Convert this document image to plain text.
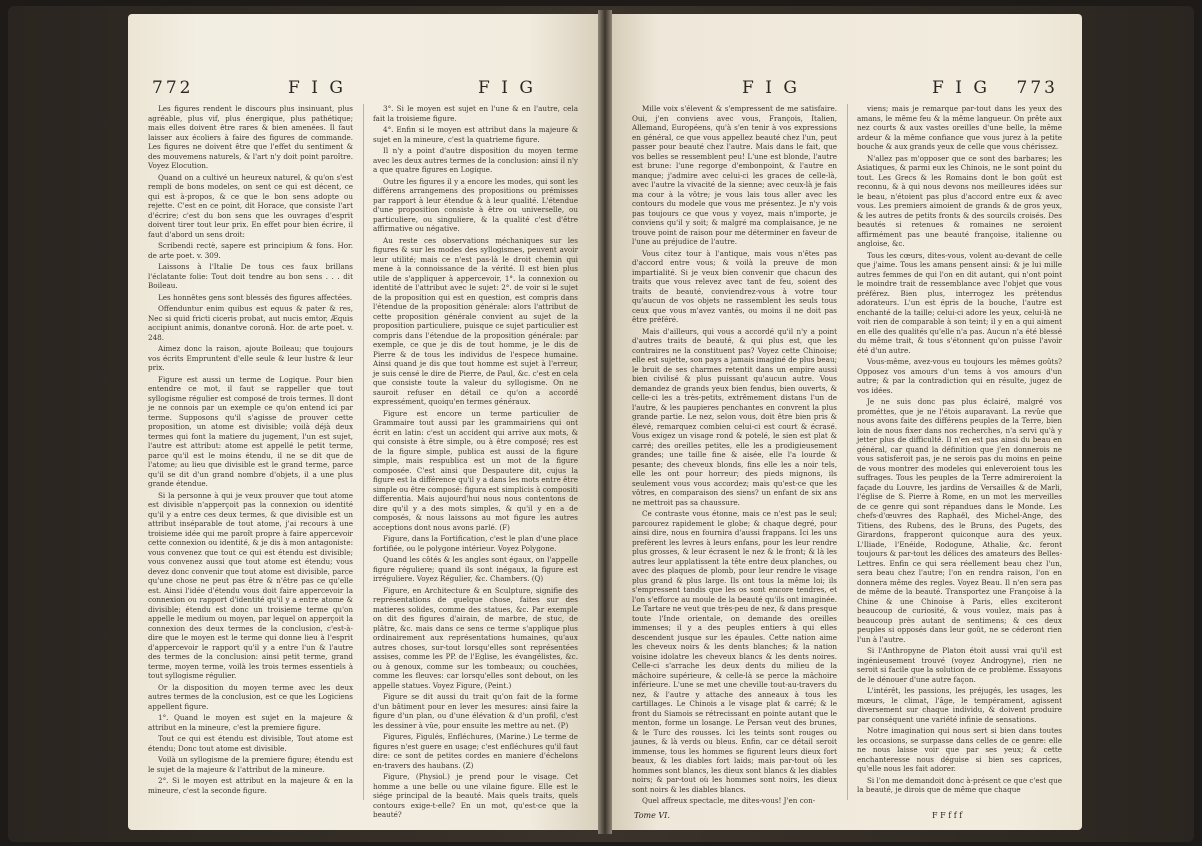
772	F I G	F I G

Les figures rendent le discours plus insinuant, plus agréable, plus vif, plus énergique, plus pathétique; mais elles doivent être rares & bien amenées. Il faut laisser aux écoliers à faire des figures de commande. Les figures ne doivent être que l'effet du sentiment & des mouvemens naturels, & l'art n'y doit point paroître. Voyez Elocution.

Quand on a cultivé un heureux naturel, & qu'on s'est rempli de bons modeles, on sent ce qui est décent, ce qui est à-propos, & ce que le bon sens adopte ou rejette. C'est en ce point, dit Horace, que consiste l'art d'écrire; c'est du bon sens que les ouvrages d'esprit doivent tirer tout leur prix. En effet pour bien écrire, il faut d'abord un sens droit:

Scribendi rectè, sapere est principium & fons. Hor. de arte poet. v. 309.

Laissons à l'Italie De tous ces faux brillans l'éclatante folie: Tout doit tendre au bon sens . . . dit Boileau.

Les honnêtes gens sont blessés des figures affectées.

Offenduntur enim quibus est equus & pater & res, Nec si quid fricti ciceris probat, aut nucis emtor, Æquis accipiunt animis, donantve coronâ. Hor. de arte poet. v. 248.

Aimez donc la raison, ajoute Boileau; que toujours vos écrits Empruntent d'elle seule & leur lustre & leur prix.

Figure est aussi un terme de Logique. Pour bien entendre ce mot, il faut se rappeller que tout syllogisme régulier est composé de trois termes. Il dont je ne connois par un exemple ce qu'on entend ici par terme. Supposons qu'il s'agisse de prouver cette proposition, un atome est divisible; voilà déjà deux termes qui font la matiere du jugement, l'un est sujet, l'autre est attribut: atome est appellé le petit terme, parce qu'il est le moins étendu, il ne se dit que de l'atome; au lieu que divisible est le grand terme, parce qu'il se dit d'un grand nombre d'objets, il a une plus grande étendue.

Si la personne à qui je veux prouver que tout atome est divisible n'apperçoit pas la connexion ou identité qu'il y a entre ces deux termes, & que divisible est un attribut inséparable de tout atome, j'ai recours à une troisieme idée qui me paroît propre à faire appercevoir cette connexion ou identité, & je dis à mon antagoniste: vous convenez que tout ce qui est étendu est divisible; vous convenez aussi que tout atome est étendu; vous devez donc convenir que tout atome est divisible, parce qu'une chose ne peut pas être & n'être pas ce qu'elle est. Ainsi l'idée d'étendu vous doit faire appercevoir la connexion ou rapport d'identité qu'il y a entre atome & divisible; étendu est donc un troisieme terme qu'on appelle le medium ou moyen, par lequel on apperçoit la connexion des deux termes de la conclusion, c'est-à-dire que le moyen est le terme qui donne lieu à l'esprit d'appercevoir le rapport qu'il y a entre l'un & l'autre des termes de la conclusion: ainsi petit terme, grand terme, moyen terme, voilà les trois termes essentiels à tout syllogisme régulier.

Or la disposition du moyen terme avec les deux autres termes de la conclusion, est ce que les Logiciens appellent figure.

1°. Quand le moyen est sujet en la majeure & attribut en la mineure, c'est la premiere figure.

Tout ce qui est étendu est divisible, Tout atome est étendu; Donc tout atome est divisible.

Voilà un syllogisme de la premiere figure; étendu est le sujet de la majeure & l'attribut de la mineure.

2°. Si le moyen est attribut en la majeure & en la mineure, c'est la seconde figure.

3°. Si le moyen est sujet en l'une & en l'autre, cela fait la troisieme figure.

4°. Enfin si le moyen est attribut dans la majeure & sujet en la mineure, c'est la quatrieme figure.

Il n'y a point d'autre disposition du moyen terme avec les deux autres termes de la conclusion: ainsi il n'y a que quatre figures en Logique.

Outre les figures il y a encore les modes, qui sont les différens arrangemens des propositions ou prémisses par rapport à leur étendue & à leur qualité. L'étendue d'une proposition consiste à être ou universelle, ou particuliere, ou singuliere, & la qualité c'est d'être affirmative ou négative.

Au reste ces observations méchaniques sur les figures & sur les modes des syllogismes, peuvent avoir leur utilité; mais ce n'est pas-là le droit chemin qui mene à la connoissance de la vérité. Il est bien plus utile de s'appliquer à appercevoir, 1°. la connexion ou identité de l'attribut avec le sujet: 2°. de voir si le sujet de la proposition qui est en question, est compris dans l'étendue de la proposition générale: alors l'attribut de cette proposition générale convient au sujet de la proposition particuliere, puisque ce sujet particulier est compris dans l'étendue de la proposition générale: par exemple, ce que je dis de tout homme, je le dis de Pierre & de tous les individus de l'espece humaine. Ainsi quand je dis que tout homme est sujet à l'erreur, je suis censé le dire de Pierre, de Paul, &c. c'est en cela que consiste toute la valeur du syllogisme. On ne sauroit refuser en détail ce qu'on a accordé expressément, quoiqu'en termes généraux.

Figure est encore un terme particulier de Grammaire tout aussi par les grammairiens qui ont écrit en latin: c'est un accident qui arrive aux mots, & qui consiste à être simple, ou à être composé; res est de la figure simple, publica est aussi de la figure simple, mais respublica est un mot de la figure composée. C'est ainsi que Despautere dit, cujus la figure est la différence qu'il y a dans les mots entre être simple ou être composé: figura est simplicis à compositi differentia. Mais aujourd'hui nous nous contentons de dire qu'il y a des mots simples, & qu'il y en a de composés, & nous laissons au mot figure les autres acceptions dont nous avons parlé. (F)

Figure, dans la Fortification, c'est le plan d'une place fortifiée, ou le polygone intérieur. Voyez Polygone.

Quand les côtés & les angles sont égaux, on l'appelle figure réguliere; quand ils sont inégaux, la figure est irréguliere. Voyez Régulier, &c. Chambers. (Q)

Figure, en Architecture & en Sculpture, signifie des représentations de quelque chose, faites sur des matieres solides, comme des statues, &c. Par exemple on dit des figures d'airain, de marbre, de stuc, de plâtre, &c. mais dans ce sens ce terme s'applique plus ordinairement aux représentations humaines, qu'aux autres choses, sur-tout lorsqu'elles sont représentées assises, comme les PP. de l'Eglise, les évangélistes, &c. ou à genoux, comme sur les tombeaux; ou couchées, comme les fleuves: car lorsqu'elles sont debout, on les appelle statues. Voyez Figure, (Peint.)

Figure se dit aussi du trait qu'on fait de la forme d'un bâtiment pour en lever les mesures: ainsi faire la figure d'un plan, ou d'une élévation & d'un profil, c'est les dessiner à vûe, pour ensuite les mettre au net. (P)

Figures, Figulés, Enfléchures, (Marine.) Le terme de figures n'est guere en usage; c'est enfléchures qu'il faut dire: ce sont de petites cordes en maniere d'échelons en-travers des haubans. (Z)

Figure, (Physiol.) je prend pour le visage. Cet homme a une belle ou une vilaine figure. Elle est le siége principal de la beauté. Mais quels traits, quels contours exige-t-elle? En un mot, qu'est-ce que la beauté?

F I G	F I G 773

Mille voix s'élevent & s'empressent de me satisfaire. Oui, j'en conviens avec vous, François, Italien, Allemand, Européens, qu'à s'en tenir à vos expressions en général, ce que vous appellez beauté chez l'un, peut passer pour beauté chez l'autre. Mais dans le fait, que vos belles se ressemblent peu! L'une est blonde, l'autre est brune: l'une regorge d'embonpoint, & l'autre en manque; j'admire avec celui-ci les graces de celle-là, avec l'autre la vivacité de la sienne; avec ceux-là je fais ma cour à la vôtre; je vous lais tous aller avec les contours du modele que vous me présentez. Je n'y vois pas toujours ce que vous y voyez, mais n'importe, je conviens qu'il y soit; & malgré ma complaisance, je ne trouve point de raison pour me déterminer en faveur de l'une au préjudice de l'autre.

Vous citez tour à l'antique, mais vous n'êtes pas d'accord entre vous; & voilà la preuve de mon impartialité. Si je veux bien convenir que chacun des traits que vous relevez avec tant de feu, soient des traits de beauté, conviendrez-vous à votre tour qu'aucun de vos objets ne rassemblent les seuls tous ceux que vous m'avez vantés, ou moins il ne doit pas être préféré.

Mais d'ailleurs, qui vous a accordé qu'il n'y a point d'autres traits de beauté, & qui plus est, que les contraires ne la constituent pas? Voyez cette Chinoise; elle est sujette, son pays a jamais imaginé de plus beau; le bruit de ses charmes retentit dans un empire aussi bien civilisé & plus puissant qu'aucun autre. Vous demandez de grands yeux bien fendus, bien ouverts, & celle-ci les a très-petits, extrêmement distans l'un de l'autre, & les paupieres penchantes en convrent la plus grande partie. Le nez, selon vous, doit être bien pris & élevé, remarquez combien celui-ci est court & écrasé. Vous exigez un visage rond & potelé, le sien est plat & carré; des oreilles petites, elle les a prodigieusement grandes; une taille fine & aisée, elle l'a lourde & pesante; des cheveux blonds, fins elle les a noir tels, elle les ont pour horreur; des pieds mignons, ils seulement vous vous accordez; mais qu'est-ce que les vôtres, en comparaison des siens? un enfant de six ans ne mettroit pas sa chaussure.

Ce contraste vous étonne, mais ce n'est pas le seul; parcourez rapidement le globe; & chaque degré, pour ainsi dire, nous en fournira d'aussi frappans. Ici les uns prefèrent les levres à leurs enfans, pour les leur rendre plus grosses, & leur écrasent le nez & le front; & là les autres leur applatissent la tête entre deux planches, ou avec des plaques de plomb, pour leur rendre le visage plus grand & plus large. Ils ont tous la même loi; ils s'empressent tandis que les os sont encore tendres, et l'on s'efforce au moule de la beauté qu'ils ont imaginée. Le Tartare ne veut que très-peu de nez, & dans presque toute l'Inde orientale, on demande des oreilles immenses; il y a des peuples entiers à qui elles descendent jusque sur les épaules. Cette nation aime les cheveux noirs & les dents blanches; & la nation voisine idolatre les cheveux blancs & les dents noires. Celle-ci s'arrache les deux dents du milieu de la mâchoire supérieure, & celle-là se perce la mâchoire inférieure. L'une se met une cheville tout-au-travers du nez, & l'autre y attache des anneaux à tous les cartillages. Le Chinois a le visage plat & carré; & le front du Siamois se rétrecissant en pointe autant que le menton, forme un losange. Le Persan veut des brunes, & le Turc des rousses. Ici les teints sont rouges ou jaunes, & là verds ou bleus. Enfin, car ce détail seroit immense, tous les hommes se figurent leurs dieux fort beaux, & les diables fort laids; mais par-tout où les hommes sont blancs, les dieux sont blancs & les diables noirs; & par-tout où les hommes sont noirs, les dieux sont noirs & les diables blancs.

Quel affreux spectacle, me dites-vous! J'en con-

viens; mais je remarque par-tout dans les yeux des amans, le même feu & la même langueur. On prête aux nez courts & aux vastes oreilles d'une belle, la même ardeur & la même confiance que vous jurez à la petite bouche & aux grands yeux de celle que vous chérissez.

N'allez pas m'opposer que ce sont des barbares; les Asiatiques, & parmi eux les Chinois, ne le sont point du tout. Les Grecs & les Romains dont le bon goût est reconnu, & à qui nous devons nos meilleures idées sur le beau, n'étoient pas plus d'accord entre eux & avec vous. Les premiers aimoient de grands & de gros yeux, & les autres de petits fronts & des sourcils croisés. Des beautés si retenues & romaines ne seroient affirmément pas une beauté françoise, italienne ou angloise, &c.

Tous les cœurs, dites-vous, volent au-devant de celle que j'aime. Tous les amans pensent ainsi: & je lui mille autres femmes de qui l'on en dit autant, qui n'ont point le moindre trait de ressemblance avec l'objet que vous préférez. Bien plus, interrogez les prétendus adorateurs. L'un est épris de la bouche, l'autre est enchanté de la taille; celui-ci adore les yeux, celui-là ne voit rien de comparable à son teint; il y en a qui aiment en elle des qualités qu'elle n'a pas. Aucun n'a été blessé du même trait, & tous s'étonnent qu'on puisse l'avoir été d'un autre.

Vous-même, avez-vous eu toujours les mêmes goûts? Opposez vos amours d'un tems à vos amours d'un autre; & par la contradiction qui en résulte, jugez de vos idées.

Je ne suis donc pas plus éclairé, malgré vos prométtes, que je ne l'étois auparavant. La revûe que nous avons faite des différens peuples de la Terre, bien loin de nous fixer dans nos recherches, n'a servi qu'à y jetter plus de difficulté. Il n'en est pas ainsi du beau en général, car quand la définition que j'en donnerois ne vous satisferoit pas, je ne serois pas du moins en peine de vous montrer des modeles qui enleveroient tous les suffrages. Tous les peuples de la Terre admireroient la façade du Louvre, les jardins de Versailles & de Marli, l'église de S. Pierre à Rome, en un mot les merveilles de ce genre qui sont répandues dans le Monde. Les chefs-d'œuvres des Raphaël, des Michel-Ange, des Titiens, des Rubens, des le Bruns, des Pugets, des Girardons, frapperont quiconque aura des yeux. L'Iliade, l'Enéide, Rodogune, Athalie, &c. feront toujours & par-tout les délices des amateurs des Belles-Lettres. Enfin ce qui sera réellement beau chez l'un, sera beau chez l'autre; l'on en rendra raison, l'on en donnera même des regles. Voyez Beau. Il n'en sera pas de même de la beauté. Transportez une Françoise à la Chine & une Chinoise à Paris, elles exciteront beaucoup de curiosité, & vous voulez, mais pas à beaucoup près autant de sentimens; & ces deux peuples si opposés dans leur goût, ne se céderont rien l'un à l'autre.

Si l'Anthropyne de Platon étoit aussi vrai qu'il est ingénieusement trouvé (voyez Androgyne), rien ne seroit si facile que la solution de ce problème. Essayons de le dénouer d'une autre façon.

L'intérêt, les passions, les préjugés, les usages, les mœurs, le climat, l'âge, le tempérament, agissent diversement sur chaque individu, & doivent produire par conséquent une variété infinie de sensations.

Notre imagination qui nous sert si bien dans toutes les occasions, se surpasse dans celles de ce genre: elle ne nous laisse voir que par ses yeux; & cette enchanteresse nous déguise si bien ses caprices, qu'elle nous les fait adorer.

Si l'on me demandoit donc à-présent ce que c'est que la beauté, je dirois que de même que chaque

Tome VI.	F F f f f
